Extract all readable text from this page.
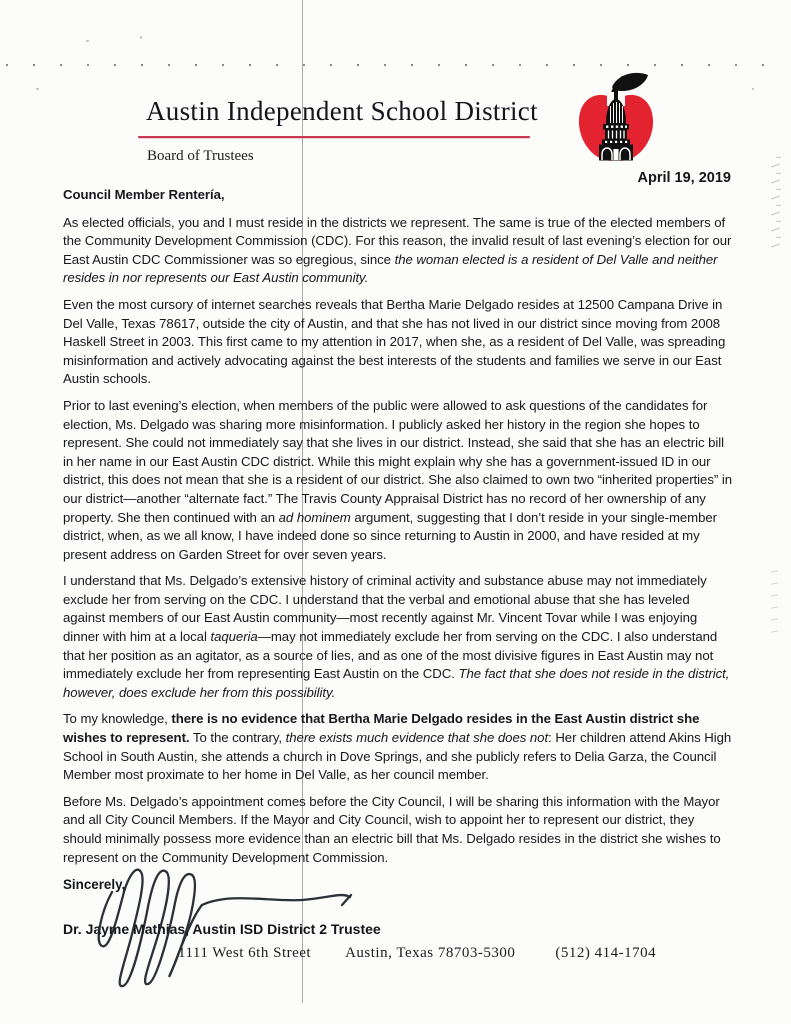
Austin Independent School District
Board of Trustees
April 19, 2019

Council Member Rentería,

As elected officials, you and I must reside in the districts we represent. The same is true of the elected members of the Community Development Commission (CDC). For this reason, the invalid result of last evening’s election for our East Austin CDC Commissioner was so egregious, since the woman elected is a resident of Del Valle and neither resides in nor represents our East Austin community.

Even the most cursory of internet searches reveals that Bertha Marie Delgado resides at 12500 Campana Drive in Del Valle, Texas 78617, outside the city of Austin, and that she has not lived in our district since moving from 2008 Haskell Street in 2003. This first came to my attention in 2017, when she, as a resident of Del Valle, was spreading misinformation and actively advocating against the best interests of the students and families we serve in our East Austin schools.

Prior to last evening’s election, when members of the public were allowed to ask questions of the candidates for election, Ms. Delgado was sharing more misinformation. I publicly asked her history in the region she hopes to represent. She could not immediately say that she lives in our district. Instead, she said that she has an electric bill in her name in our East Austin CDC district. While this might explain why she has a government-issued ID in our district, this does not mean that she is a resident of our district. She also claimed to own two “inherited properties” in our district—another “alternate fact.” The Travis County Appraisal District has no record of her ownership of any property. She then continued with an ad hominem argument, suggesting that I don’t reside in your single-member district, when, as we all know, I have indeed done so since returning to Austin in 2000, and have resided at my present address on Garden Street for over seven years.

I understand that Ms. Delgado’s extensive history of criminal activity and substance abuse may not immediately exclude her from serving on the CDC. I understand that the verbal and emotional abuse that she has leveled against members of our East Austin community—most recently against Mr. Vincent Tovar while I was enjoying dinner with him at a local taqueria—may not immediately exclude her from serving on the CDC. I also understand that her position as an agitator, as a source of lies, and as one of the most divisive figures in East Austin may not immediately exclude her from representing East Austin on the CDC. The fact that she does not reside in the district, however, does exclude her from this possibility.

To my knowledge, there is no evidence that Bertha Marie Delgado resides in the East Austin district she wishes to represent. To the contrary, there exists much evidence that she does not: Her children attend Akins High School in South Austin, she attends a church in Dove Springs, and she publicly refers to Delia Garza, the Council Member most proximate to her home in Del Valle, as her council member.

Before Ms. Delgado’s appointment comes before the City Council, I will be sharing this information with the Mayor and all City Council Members. If the Mayor and City Council, wish to appoint her to represent our district, they should minimally possess more evidence than an electric bill that Ms. Delgado resides in the district she wishes to represent on the Community Development Commission.

Sincerely,
Dr. Jayme Mathias, Austin ISD District 2 Trustee
1111 West 6th Street Austin, Texas 78703-5300	(512) 414-1704
